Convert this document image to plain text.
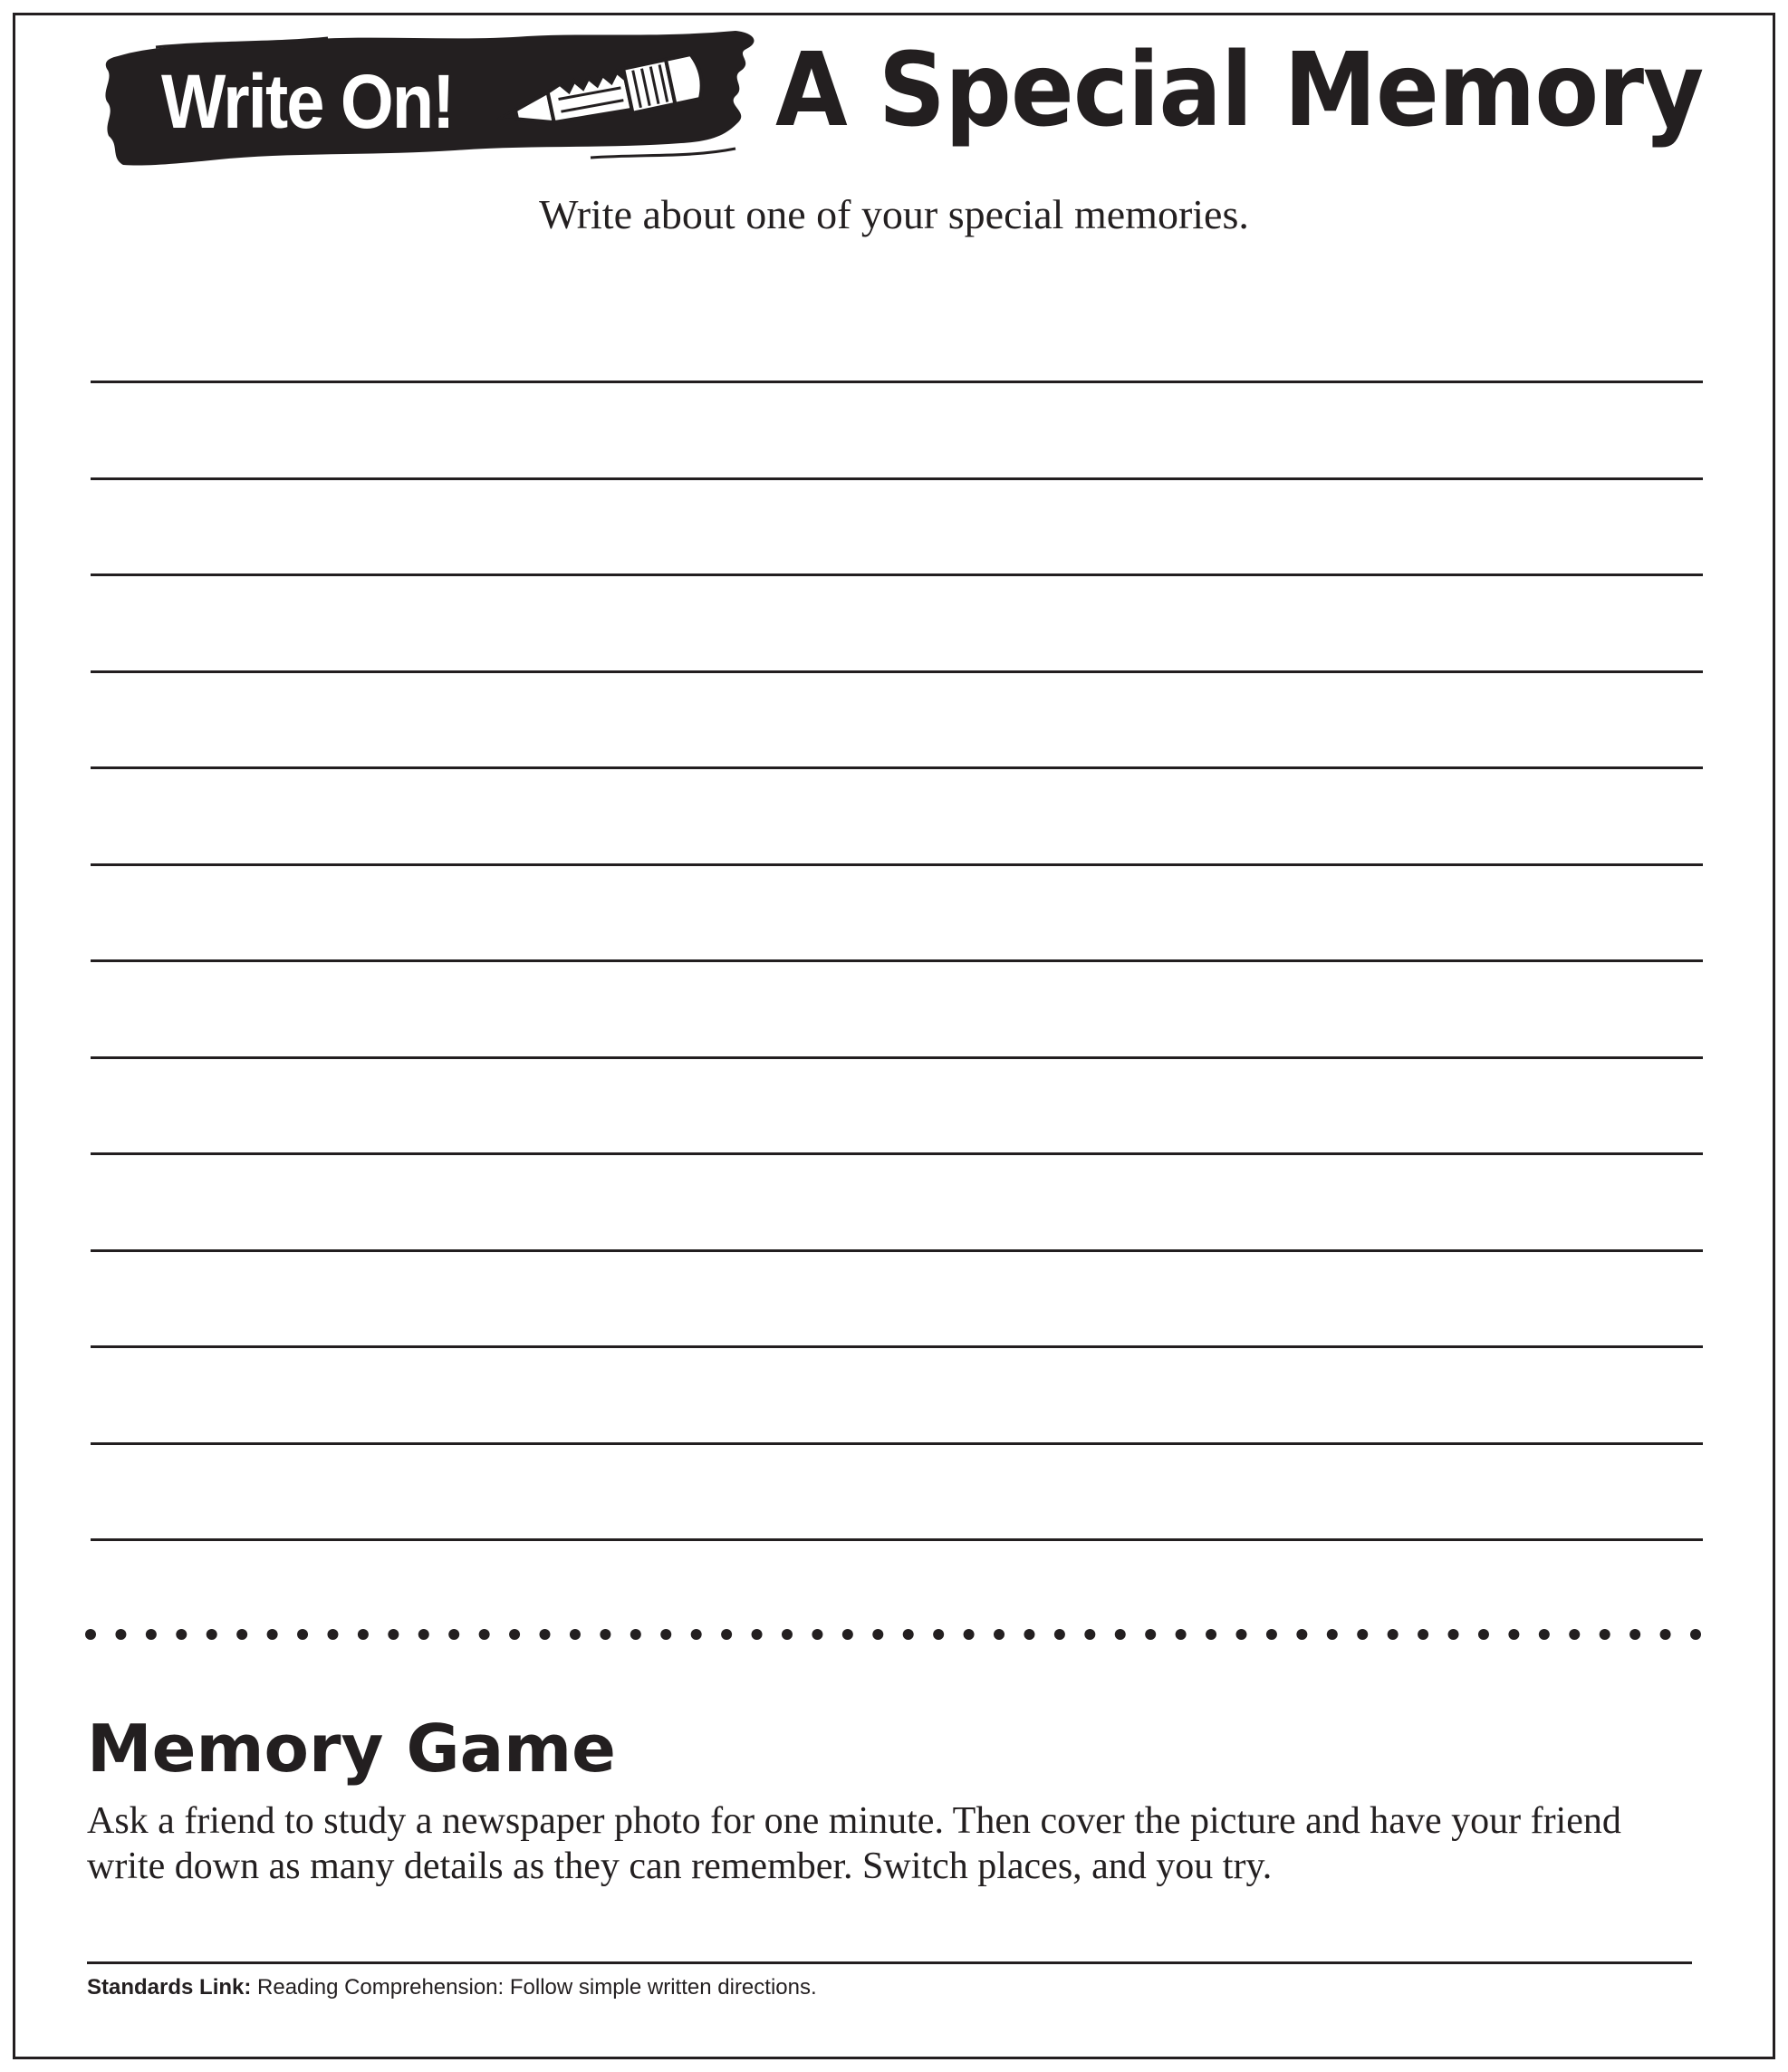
Write On!	A Special Memory
Write about one of your special memories.
Memory Game
Ask a friend to study a newspaper photo for one minute. Then cover the picture and have your friend write down as many details as they can remember. Switch places, and you try.
Standards Link: Reading Comprehension: Follow simple written directions.
